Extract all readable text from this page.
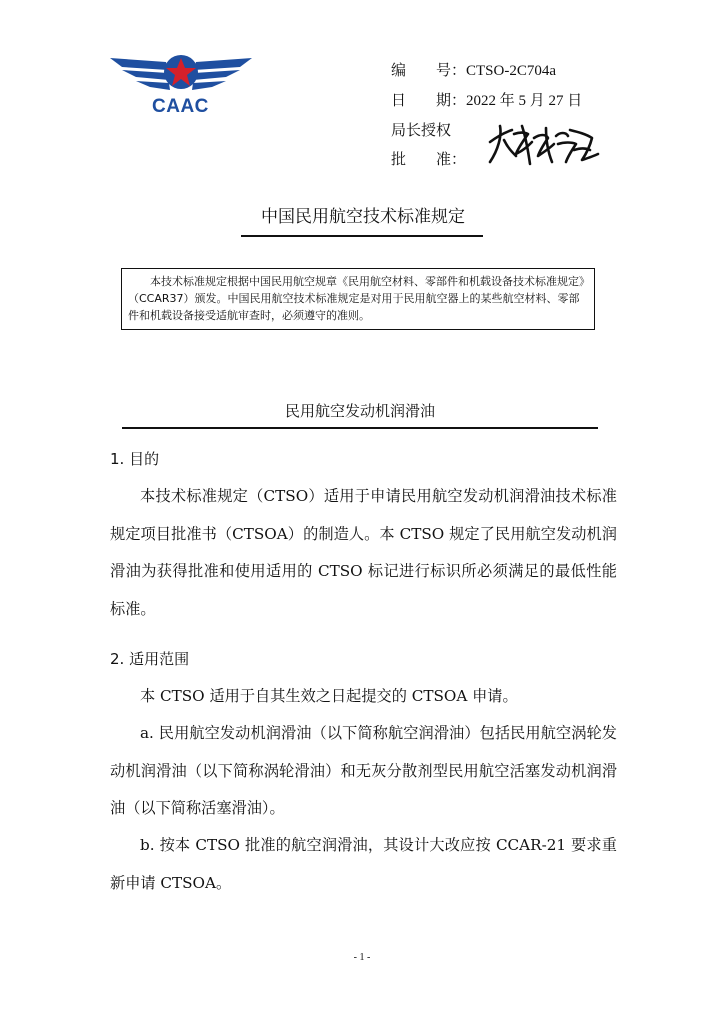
CAAC
编　　号：CTSO-2C704a
日　　期：2022 年 5 月 27 日
局长授权
批　　准：
中国民用航空技术标准规定
本技术标准规定根据中国民用航空规章《民用航空材料、零部件和机载设备技术标准规定》（CCAR37）颁发。中国民用航空技术标准规定是对用于民用航空器上的某些航空材料、零部件和机载设备接受适航审查时，必须遵守的准则。
民用航空发动机润滑油
1. 目的
本技术标准规定（CTSO）适用于申请民用航空发动机润滑油技术标准规定项目批准书（CTSOA）的制造人。本 CTSO 规定了民用航空发动机润滑油为获得批准和使用适用的 CTSO 标记进行标识所必须满足的最低性能标准。
2. 适用范围
本 CTSO 适用于自其生效之日起提交的 CTSOA 申请。
a. 民用航空发动机润滑油（以下简称航空润滑油）包括民用航空涡轮发动机润滑油（以下简称涡轮滑油）和无灰分散剂型民用航空活塞发动机润滑油（以下简称活塞滑油）。
b. 按本 CTSO 批准的航空润滑油，其设计大改应按 CCAR-21 要求重新申请 CTSOA。
- 1 -
